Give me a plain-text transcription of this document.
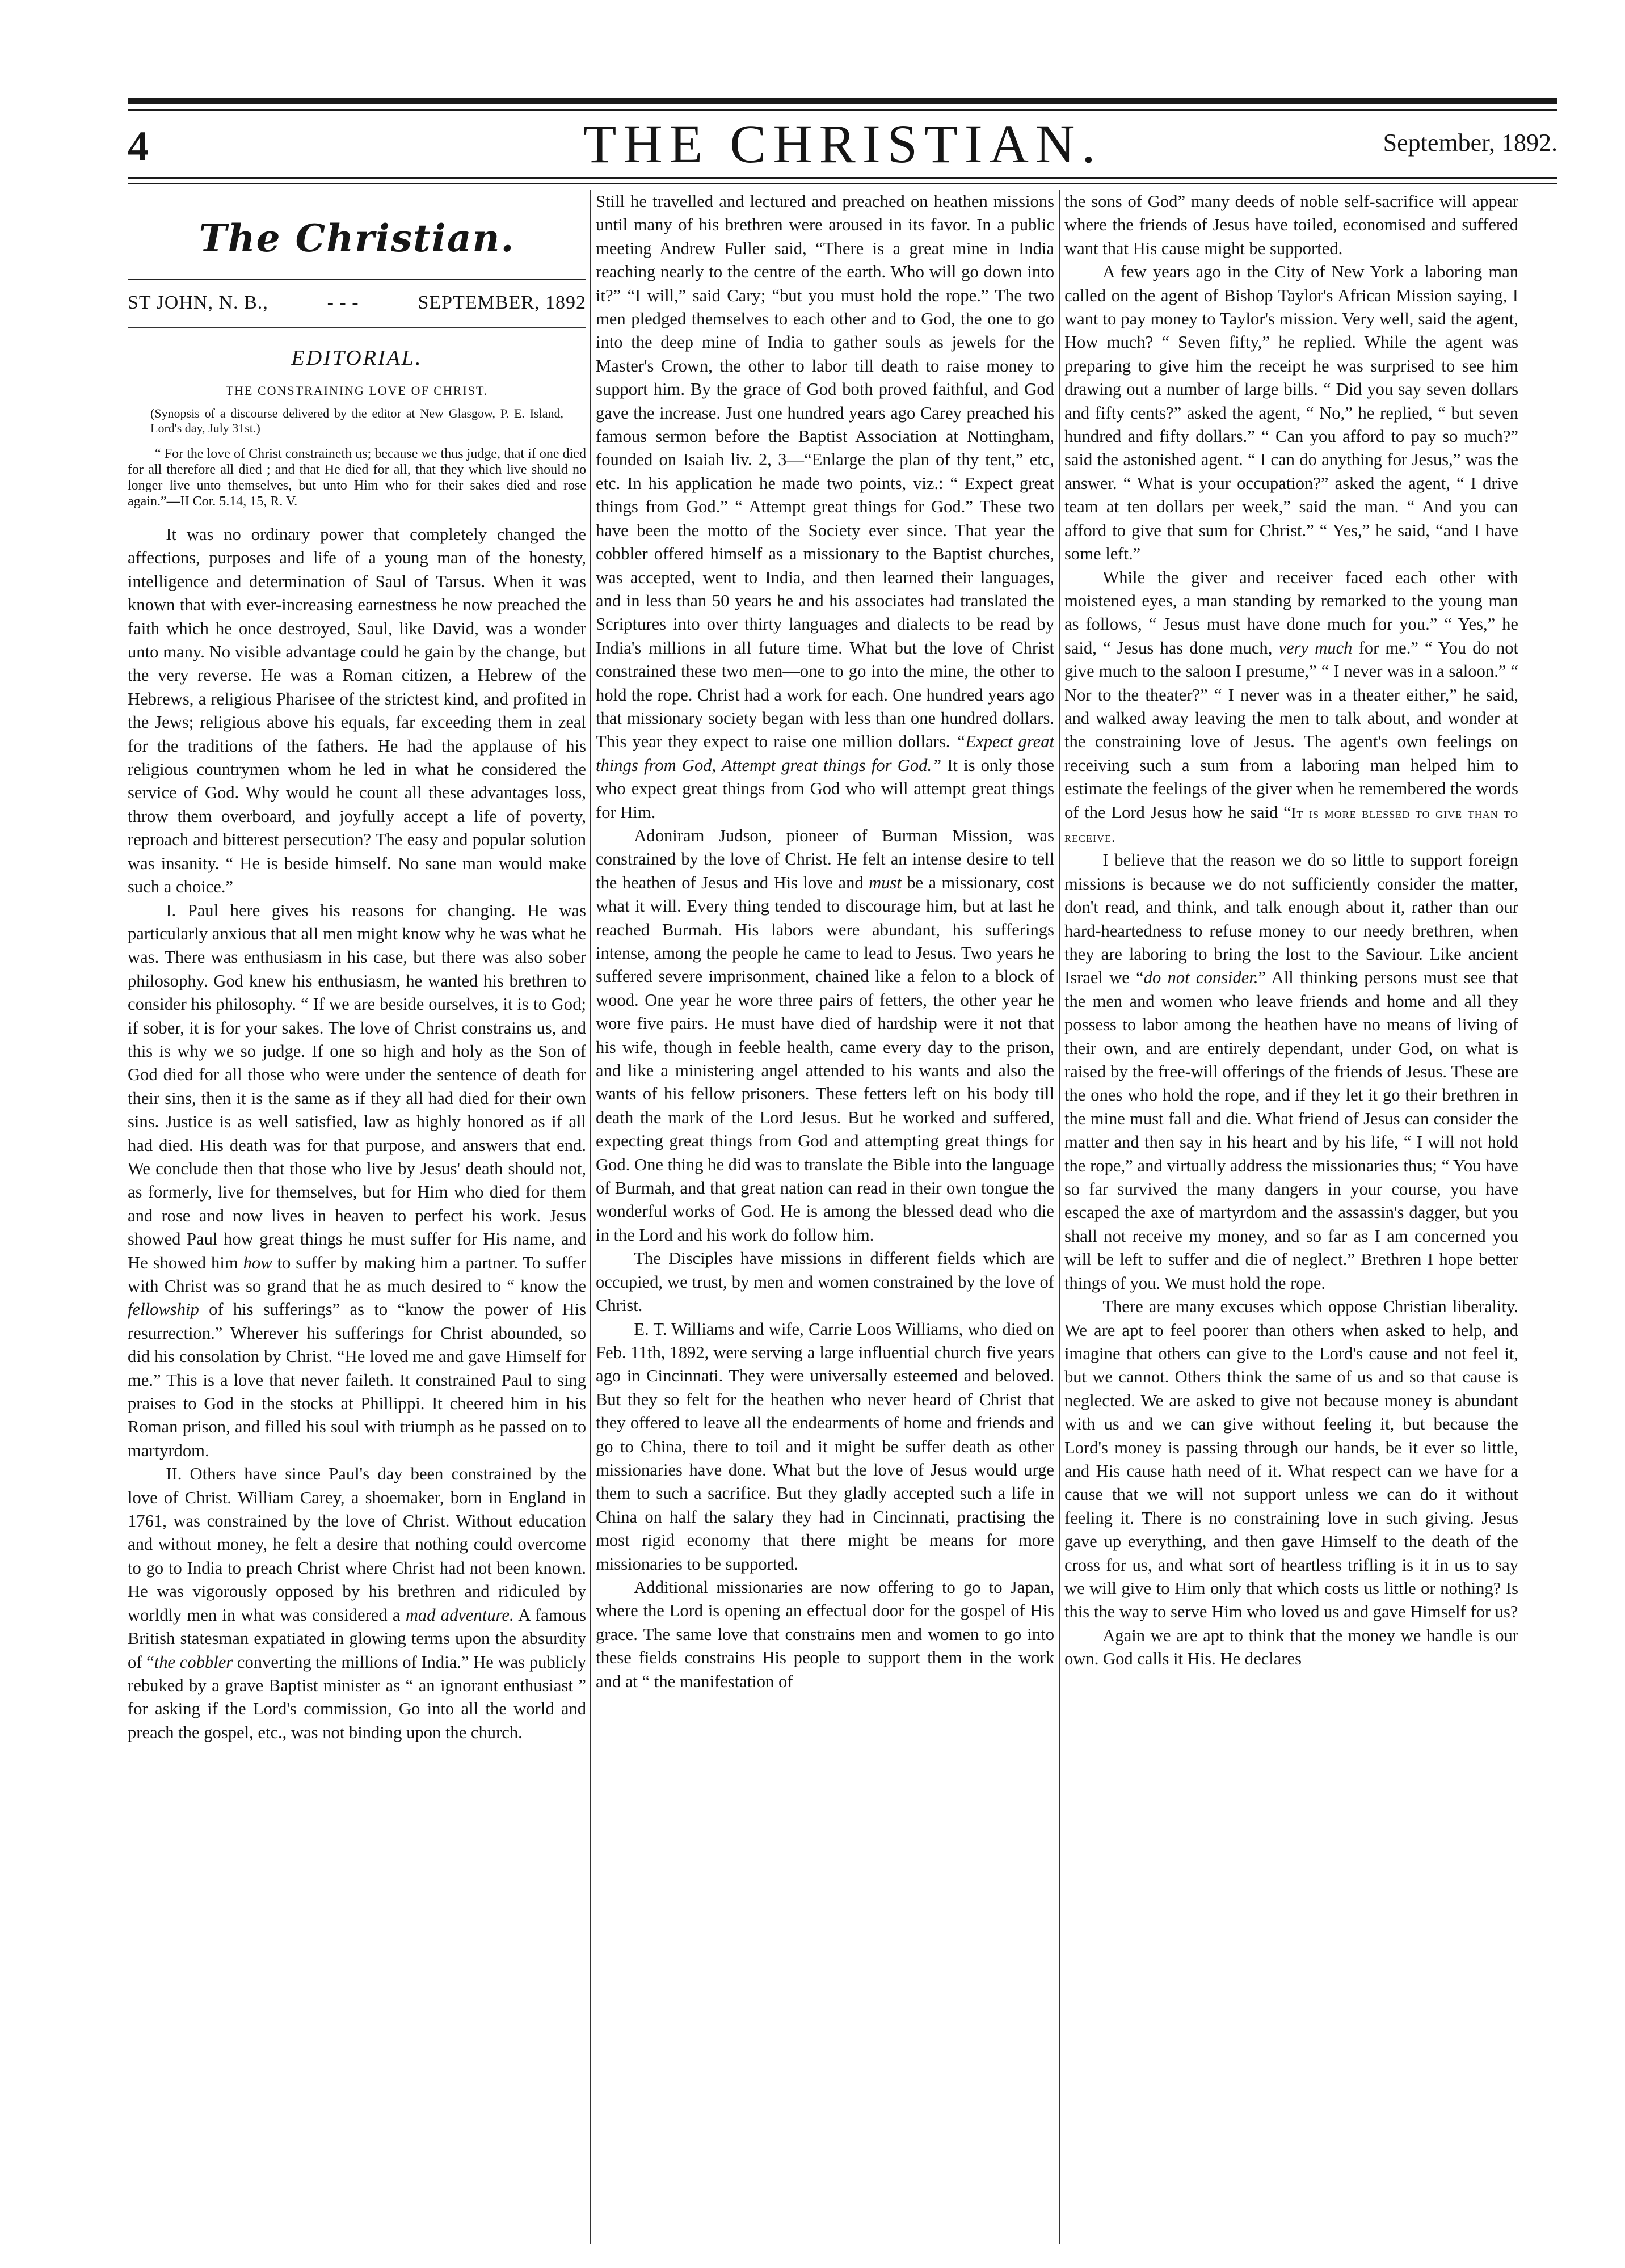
4	THE CHRISTIAN.	September, 1892.
The Christian.
ST JOHN, N. B.,	- - -	SEPTEMBER, 1892
EDITORIAL.
THE CONSTRAINING LOVE OF CHRIST.
(Synopsis of a discourse delivered by the editor at New Glasgow, P. E. Island, Lord's day, July 31st.)
“ For the love of Christ constraineth us; because we thus judge, that if one died for all therefore all died ; and that He died for all, that they which live should no longer live unto themselves, but unto Him who for their sakes died and rose again.”—II Cor. 5.14, 15, R. V.

It was no ordinary power that completely changed the affections, purposes and life of a young man of the honesty, intelligence and determination of Saul of Tarsus. When it was known that with ever-increasing earnestness he now preached the faith which he once destroyed, Saul, like David, was a wonder unto many. No visible advantage could he gain by the change, but the very reverse. He was a Roman citizen, a Hebrew of the Hebrews, a religious Pharisee of the strictest kind, and profited in the Jews; religious above his equals, far exceeding them in zeal for the traditions of the fathers. He had the applause of his religious countrymen whom he led in what he considered the service of God. Why would he count all these advantages loss, throw them overboard, and joyfully accept a life of poverty, reproach and bitterest persecution? The easy and popular solution was insanity. “ He is beside himself. No sane man would make such a choice.”

I. Paul here gives his reasons for changing. He was particularly anxious that all men might know why he was what he was. There was enthusiasm in his case, but there was also sober philosophy. God knew his enthusiasm, he wanted his brethren to consider his philosophy. “ If we are beside ourselves, it is to God; if sober, it is for your sakes. The love of Christ constrains us, and this is why we so judge. If one so high and holy as the Son of God died for all those who were under the sentence of death for their sins, then it is the same as if they all had died for their own sins. Justice is as well satisfied, law as highly honored as if all had died. His death was for that purpose, and answers that end. We conclude then that those who live by Jesus' death should not, as formerly, live for themselves, but for Him who died for them and rose and now lives in heaven to perfect his work. Jesus showed Paul how great things he must suffer for His name, and He showed him how to suffer by making him a partner. To suffer with Christ was so grand that he as much desired to “ know the fellowship of his sufferings” as to “know the power of His resurrection.” Wherever his sufferings for Christ abounded, so did his consolation by Christ. “He loved me and gave Himself for me.” This is a love that never faileth. It constrained Paul to sing praises to God in the stocks at Phillippi. It cheered him in his Roman prison, and filled his soul with triumph as he passed on to martyrdom.

II. Others have since Paul's day been constrained by the love of Christ. William Carey, a shoemaker, born in England in 1761, was constrained by the love of Christ. Without education and without money, he felt a desire that nothing could overcome to go to India to preach Christ where Christ had not been known. He was vigorously opposed by his brethren and ridiculed by worldly men in what was considered a mad adventure. A famous British statesman expatiated in glowing terms upon the absurdity of “the cobbler converting the millions of India.” He was publicly rebuked by a grave Baptist minister as “ an ignorant enthusiast ” for asking if the Lord's commission, Go into all the world and preach the gospel, etc., was not binding upon the church.

Still he travelled and lectured and preached on heathen missions until many of his brethren were aroused in its favor. In a public meeting Andrew Fuller said, “There is a great mine in India reaching nearly to the centre of the earth. Who will go down into it?” “I will,” said Cary; “but you must hold the rope.” The two men pledged themselves to each other and to God, the one to go into the deep mine of India to gather souls as jewels for the Master's Crown, the other to labor till death to raise money to support him. By the grace of God both proved faithful, and God gave the increase. Just one hundred years ago Carey preached his famous sermon before the Baptist Association at Nottingham, founded on Isaiah liv. 2, 3—“Enlarge the plan of thy tent,” etc, etc. In his application he made two points, viz.: “ Expect great things from God.” “ Attempt great things for God.” These two have been the motto of the Society ever since. That year the cobbler offered himself as a missionary to the Baptist churches, was accepted, went to India, and then learned their languages, and in less than 50 years he and his associates had translated the Scriptures into over thirty languages and dialects to be read by India's millions in all future time. What but the love of Christ constrained these two men—one to go into the mine, the other to hold the rope. Christ had a work for each. One hundred years ago that missionary society began with less than one hundred dollars. This year they expect to raise one million dollars. “Expect great things from God, Attempt great things for God.” It is only those who expect great things from God who will attempt great things for Him.

Adoniram Judson, pioneer of Burman Mission, was constrained by the love of Christ. He felt an intense desire to tell the heathen of Jesus and His love and must be a missionary, cost what it will. Every thing tended to discourage him, but at last he reached Burmah. His labors were abundant, his sufferings intense, among the people he came to lead to Jesus. Two years he suffered severe imprisonment, chained like a felon to a block of wood. One year he wore three pairs of fetters, the other year he wore five pairs. He must have died of hardship were it not that his wife, though in feeble health, came every day to the prison, and like a ministering angel attended to his wants and also the wants of his fellow prisoners. These fetters left on his body till death the mark of the Lord Jesus. But he worked and suffered, expecting great things from God and attempting great things for God. One thing he did was to translate the Bible into the language of Burmah, and that great nation can read in their own tongue the wonderful works of God. He is among the blessed dead who die in the Lord and his work do follow him.

The Disciples have missions in different fields which are occupied, we trust, by men and women constrained by the love of Christ.

E. T. Williams and wife, Carrie Loos Williams, who died on Feb. 11th, 1892, were serving a large influential church five years ago in Cincinnati. They were universally esteemed and beloved. But they so felt for the heathen who never heard of Christ that they offered to leave all the endearments of home and friends and go to China, there to toil and it might be suffer death as other missionaries have done. What but the love of Jesus would urge them to such a sacrifice. But they gladly accepted such a life in China on half the salary they had in Cincinnati, practising the most rigid economy that there might be means for more missionaries to be supported.

Additional missionaries are now offering to go to Japan, where the Lord is opening an effectual door for the gospel of His grace. The same love that constrains men and women to go into these fields constrains His people to support them in the work and at “ the manifestation of

the sons of God” many deeds of noble self-sacrifice will appear where the friends of Jesus have toiled, economised and suffered want that His cause might be supported.

A few years ago in the City of New York a laboring man called on the agent of Bishop Taylor's African Mission saying, I want to pay money to Taylor's mission. Very well, said the agent, How much? “ Seven fifty,” he replied. While the agent was preparing to give him the receipt he was surprised to see him drawing out a number of large bills. “ Did you say seven dollars and fifty cents?” asked the agent, “ No,” he replied, “ but seven hundred and fifty dollars.” “ Can you afford to pay so much?” said the astonished agent. “ I can do anything for Jesus,” was the answer. “ What is your occupation?” asked the agent, “ I drive team at ten dollars per week,” said the man. “ And you can afford to give that sum for Christ.” “ Yes,” he said, “and I have some left.”

While the giver and receiver faced each other with moistened eyes, a man standing by remarked to the young man as follows, “ Jesus must have done much for you.” “ Yes,” he said, “ Jesus has done much, very much for me.” “ You do not give much to the saloon I presume,” “ I never was in a saloon.” “ Nor to the theater?” “ I never was in a theater either,” he said, and walked away leaving the men to talk about, and wonder at the constraining love of Jesus. The agent's own feelings on receiving such a sum from a laboring man helped him to estimate the feelings of the giver when he remembered the words of the Lord Jesus how he said “It is more blessed to give than to receive.

I believe that the reason we do so little to support foreign missions is because we do not sufficiently consider the matter, don't read, and think, and talk enough about it, rather than our hard-heartedness to refuse money to our needy brethren, when they are laboring to bring the lost to the Saviour. Like ancient Israel we “do not consider.” All thinking persons must see that the men and women who leave friends and home and all they possess to labor among the heathen have no means of living of their own, and are entirely dependant, under God, on what is raised by the free-will offerings of the friends of Jesus. These are the ones who hold the rope, and if they let it go their brethren in the mine must fall and die. What friend of Jesus can consider the matter and then say in his heart and by his life, “ I will not hold the rope,” and virtually address the missionaries thus; “ You have so far survived the many dangers in your course, you have escaped the axe of martyrdom and the assassin's dagger, but you shall not receive my money, and so far as I am concerned you will be left to suffer and die of neglect.” Brethren I hope better things of you. We must hold the rope.

There are many excuses which oppose Christian liberality. We are apt to feel poorer than others when asked to help, and imagine that others can give to the Lord's cause and not feel it, but we cannot. Others think the same of us and so that cause is neglected. We are asked to give not because money is abundant with us and we can give without feeling it, but because the Lord's money is passing through our hands, be it ever so little, and His cause hath need of it. What respect can we have for a cause that we will not support unless we can do it without feeling it. There is no constraining love in such giving. Jesus gave up everything, and then gave Himself to the death of the cross for us, and what sort of heartless trifling is it in us to say we will give to Him only that which costs us little or nothing? Is this the way to serve Him who loved us and gave Himself for us?

Again we are apt to think that the money we handle is our own. God calls it His. He declares
